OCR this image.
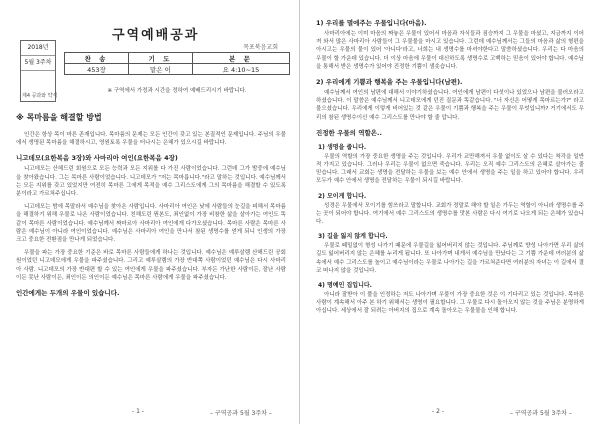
구역예배공과
목포북음교회
2018년
5월 3주차	찬 송	기 도	본 문
453장	맡은 이	요 4:10~15
※ 구역에서 가정과 시간을 정하여 예배드리시기 바랍니다.
제4 공과와 약식
※ 목마름을 해결할 방법

인간은 항상 목이 마른 존재입니다. 목마름의 문제는 모든 인간이 갖고 있는 본질적인 문제입니다. 주님의 우물에서 생명된 목마름을 해결하시고, 영원토록 우물을 터나시는 은혜가 있으시길 바랍니다.

니고데모(요한복음 3장)와 사마리아 여인(요한복음 4장)

니고데모는 산헤드린 회원으로 모든 능력과 모든 지위를 다 가진 사람이었습니다. 그런데 그가 밤중에 예수님을 찾아왔습니다. 그는 목마른 사람이었습니다. 니고데모가 "저는 목마릅니다."라고 말하는 것입니다. 예수님께서는 모든 지위를 갖고 있었지만 여전히 목마른 그에게 목적을 예수 그리스도에게 그의 목마름을 해결할 수 있도록 분이라고 가르쳐주십니다.

니고데모는 밤에 목말라서 예수님을 찾아온 사람입니다. 사마리아 여인은 낮에 사람들의 눈길을 피해서 목마름을 해결하기 위해 우물로 나온 사람이었습니다. 친해도린 뭔본도, 죄인없이 가장 비참한 삶을 살아가는 여인도 똑같이 목마른 사람이었습니다. 예수님께서 짜마르아 사마리아 여인에게 다가오셨습니다. 목마른 사람은 목마른 사람은 예수님이 아니라 여인이었습니다. 예수님은 사마리아 여인을 만나서 참된 생명수를 얻게 되니 인생의 가장 크고 중요한 전환점을 만나게 되었습니다.

우물을 파는 가장 중요한 기준은 바로 목마른 사람들에게 하나는 것입니다. 예수님은 예루살렘 산헤드린 공회원이었던 니고데모에게 우물을 파주셨습니다. 그리고 예루살렘의 가장 반대쪽 사람이었던 예수님은 다시 사마리아 사람. 니고데모의 가장 반대편 할 수 있는 여인에게 우물을 파주셨습니다. 부자든 가난한 사람이든, 잘난 사람이든 못난 사람이든, 죄인이든 의인이든 예수님은 목마른 사람에게 우물을 파주셨습니다.

인간에게는 두개의 우물이 있습니다.
- 1 -	– 구역공과 5월 3주차 –
1) 우리를 멸에주는 우물입니다(마음).

사마리아에는 이미 마음의 짜놓은 우물이 있어서 마음과 자식들과 짐승까지 그 우물을 마셨고, 지금까지 이어져 와서 많은 사마리아 사람들이 그 우물물을 마시고 있습니다. 그런데 예수님께서는 그들의 마음과 삶의 형편을 아시고는 우물의 물이 있어 '아니다'라고, 너희는 내 생명수를 마셔야한다고 말씀하셨습니다. 우리는 다 마음의 우물이 할 가운데 있습니다. 더 이상 마음에 우물이 대신하도록 생명수로 고백하는 믿음이 있어야 합니다. 예수님을 통해서 받은 생명수가 있어야 진정한 기쁨이 샘솟습니다.

2) 우리에게 기쁨과 행복을 주는 우물입니다(남편).

예수님께서 여인의 남편에 대해서 이야기하셨습니다. 여인에게 남편이 다섯이나 있었으나 남편을 불러오라고 하셨습니다. 이 말씀은 예수님께서 니고데모에게 던진 질문과 똑같습니다. "너 자신은 어떻게 목마르는가?" 라고 물으셨습니다. 우리에게 이렇게 비어있는 것 같은 우물이 기쁨과 행복을 주는 우물이 무엇입니까? 거기에서도 우리의 참된 생명수이신 예수 그리스도를 만나야 할 줄 압니다.

진정한 우물의 역할은..
1) 생명을 줍니다.

우물의 역할의 가장 중요한 생명을 주는 것입니다. 우리가 교만해져서 우물 없이도 살 수 있다는 착각을 일반적 가지고 있습니다. 그러나 우리는 우물이 없으면 죽습니다. 우리는 오직 예수 그리스도의 은혜로 살아가는 줄 믿습니다. 그래서 교회는 생명을 전달하는 우물을 보는 예수 안에서 생명을 주는 일을 하고 있어야 합니다. 우리 모두가 예수 안에서 생명을 전달하는 우물이 되시길 바랍니다.

2) 모이게 합니다.

성경은 우물에서 모이기를 힘쓰라고 말합니다. 교회가 정말로 해야 할 일은 가두는 역할이 아니라 생명수를 주는 곳이 되어야 합니다. 여기에서 예수 그리스도의 생명수를 맛본 사람은 다시 여기로 나오게 되는 은혜가 있습니다.

3) 길을 잃지 않게 합니다.

우물로 떼밀없이 형성 나가기 때문에 우물길을 잃어버리지 않는 것입니다. 주님께로 향성 나아가면 우리 삶의 길도 잃어버리지 않는 은혜를 누리게 됩니다. 또 나아가며 내게서 예수님을 만났다는 그 기쁨 가운데 여러분의 삶 속에서 예수 그리스도를 높이고 예수님이라는 우물로 나아가는 길을 가르쳐준다면 여러분의 자녀는 이 길에서 결코 떠나지 않을 것입니다.

4) 명예인 집입니다.

아니라 잘받아 이 풀을 인정하는 저도 나아가며 우물이 가장 중요한 것은 이 기다리고 있는 것입니다. 목마른 사람이 계속해서 아주 본 하기 위해서는 생명이 필요합니다. 그 우물로 다시 돌아오지 않는 것을 주님은 분명하게 아십니다. 세상에서 잘 되려는 아버지의 집으로 계속 돌아오는 우물물을 인해 합니다.

- 2 -	– 구역공과 5월 3주차 –
